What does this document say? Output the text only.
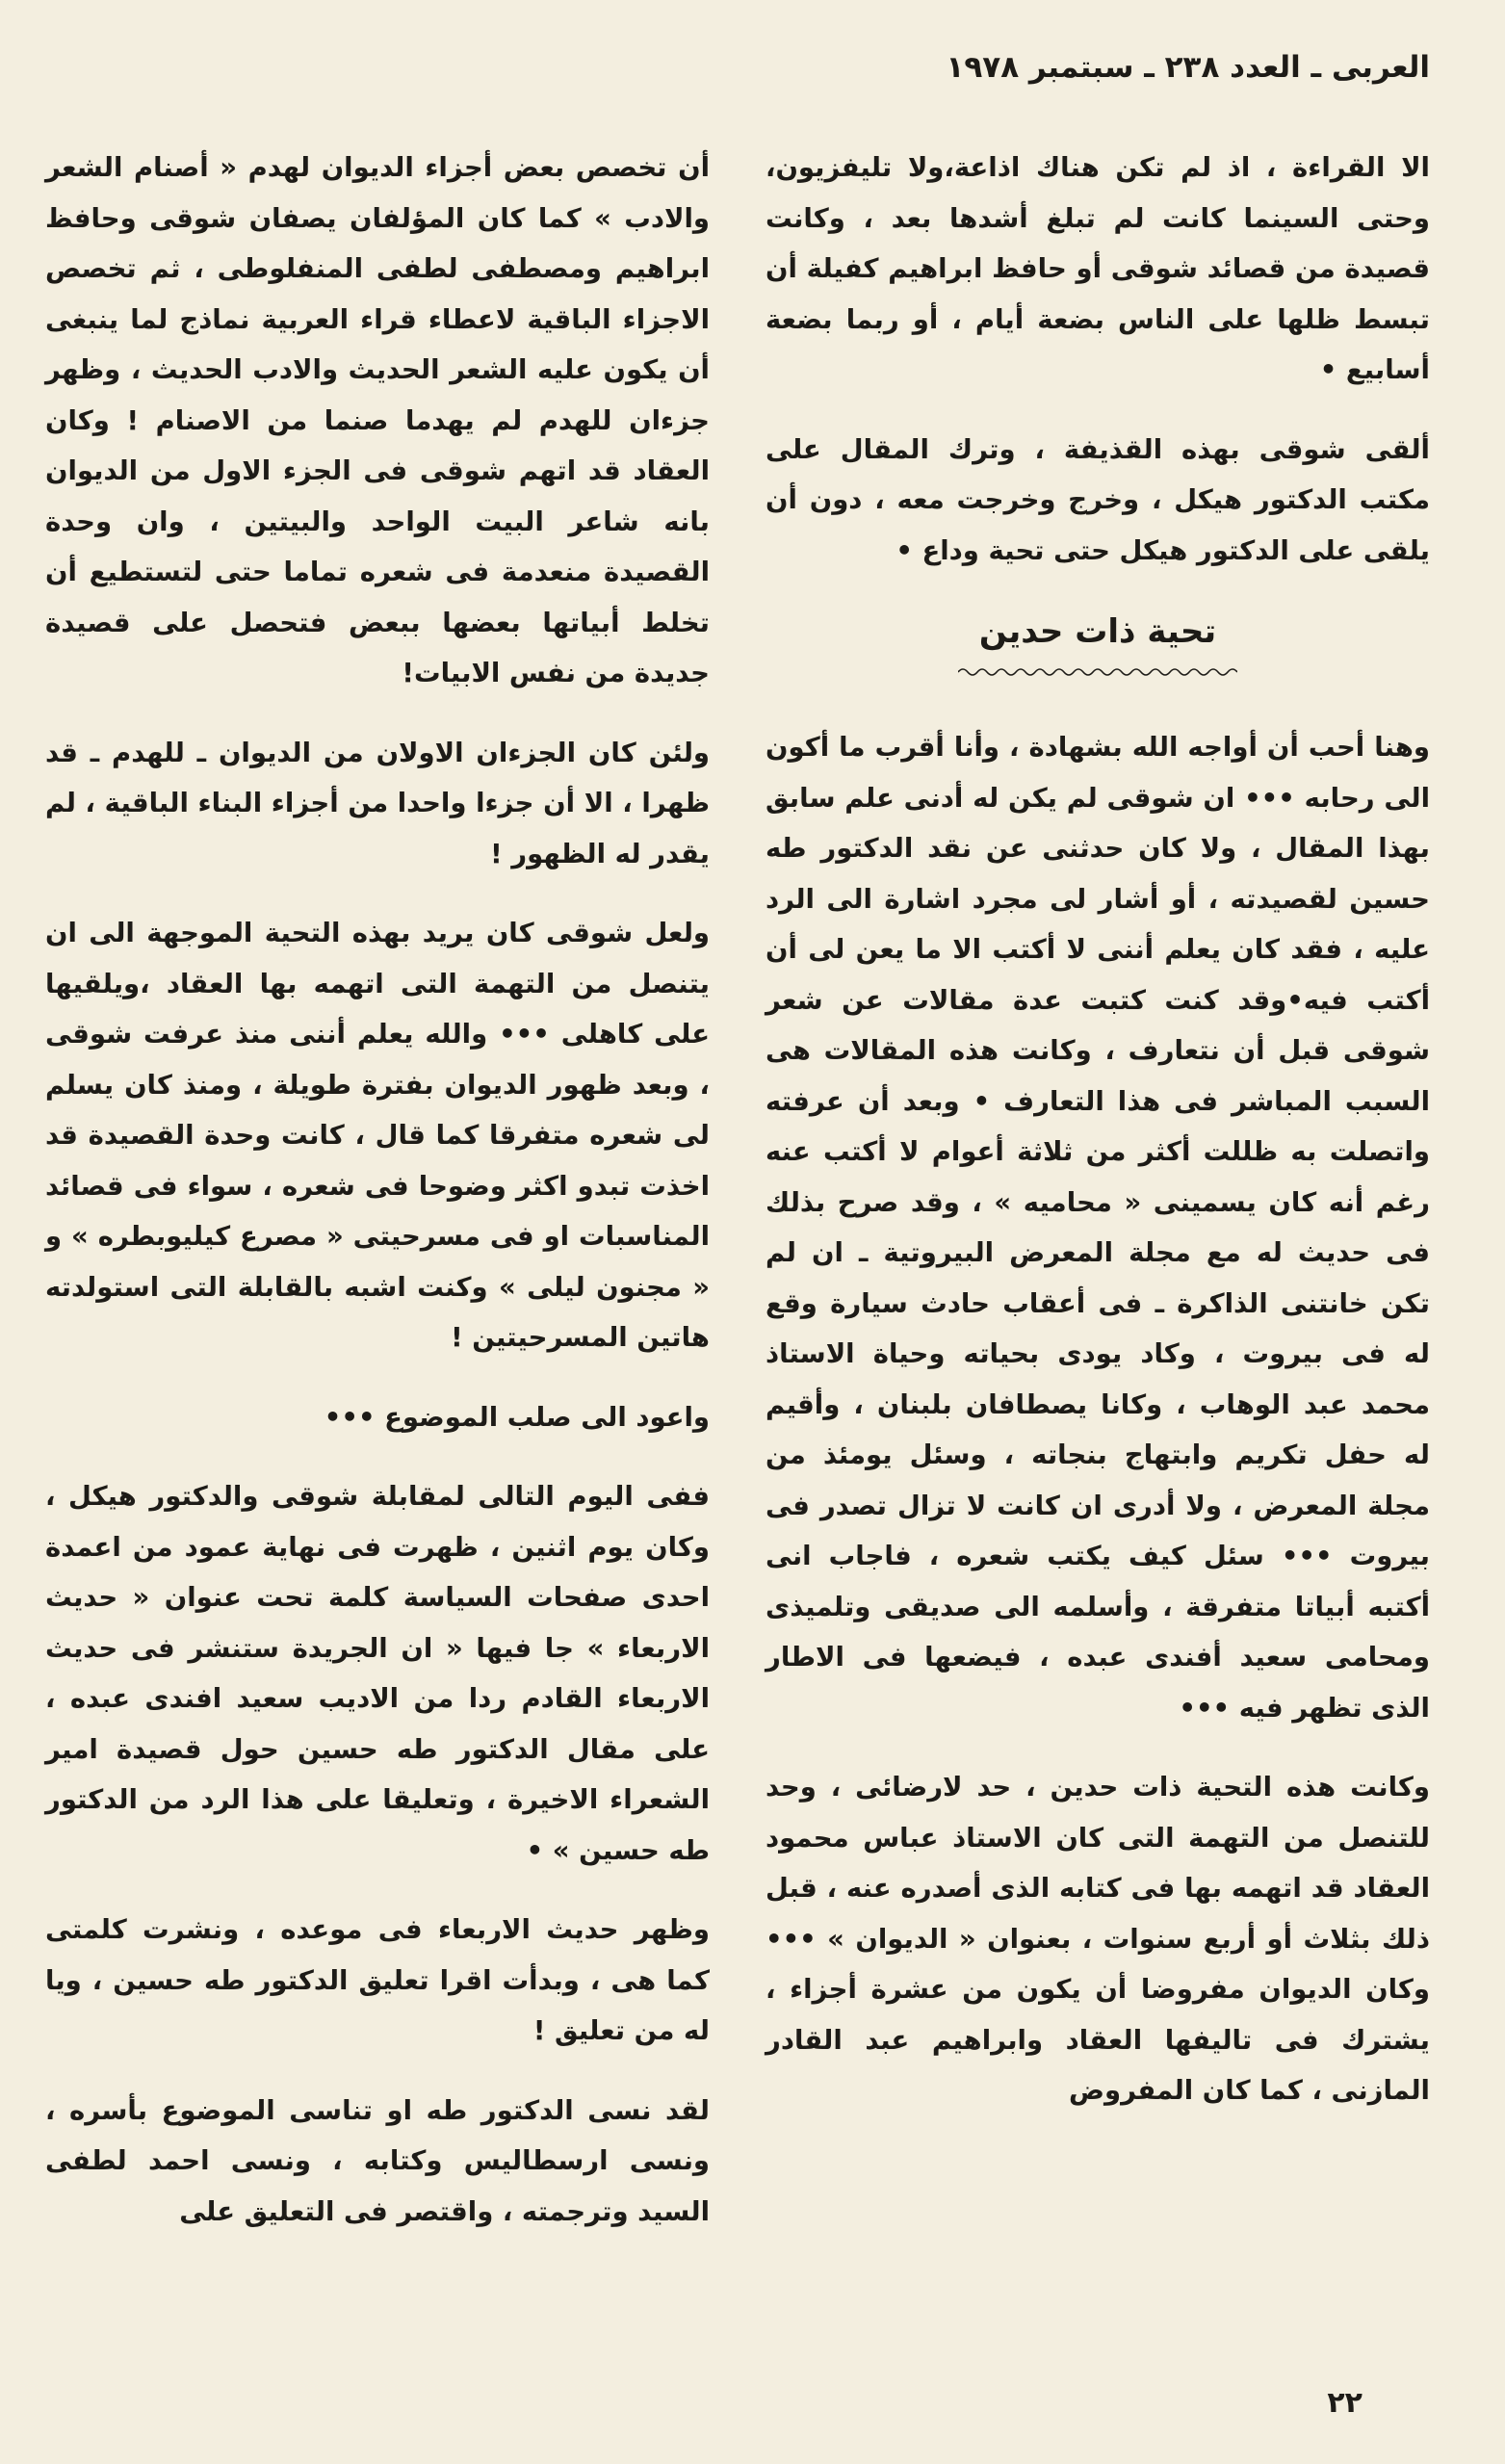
العربى ـ العدد ٢٣٨ ـ سبتمبر ١٩٧٨

الا القراءة ، اذ لم تكن هناك اذاعة،ولا تليفزيون، وحتى السينما كانت لم تبلغ أشدها بعد ، وكانت قصيدة من قصائد شوقى أو حافظ ابراهيم كفيلة أن تبسط ظلها على الناس بضعة أيام ، أو ربما بضعة أسابيع •

ألقى شوقى بهذه القذيفة ، وترك المقال على مكتب الدكتور هيكل ، وخرج وخرجت معه ، دون أن يلقى على الدكتور هيكل حتى تحية وداع •

تحية ذات حدين

وهنا أحب أن أواجه الله بشهادة ، وأنا أقرب ما أكون الى رحابه ••• ان شوقى لم يكن له أدنى علم سابق بهذا المقال ، ولا كان حدثنى عن نقد الدكتور طه حسين لقصيدته ، أو أشار لى مجرد اشارة الى الرد عليه ، فقد كان يعلم أننى لا أكتب الا ما يعن لى أن أكتب فيه•وقد كنت كتبت عدة مقالات عن شعر شوقى قبل أن نتعارف ، وكانت هذه المقالات هى السبب المباشر فى هذا التعارف • وبعد أن عرفته واتصلت به ظللت أكثر من ثلاثة أعوام لا أكتب عنه رغم أنه كان يسمينى « محاميه » ، وقد صرح بذلك فى حديث له مع مجلة المعرض البيروتية ـ ان لم تكن خانتنى الذاكرة ـ فى أعقاب حادث سيارة وقع له فى بيروت ، وكاد يودى بحياته وحياة الاستاذ محمد عبد الوهاب ، وكانا يصطافان بلبنان ، وأقيم له حفل تكريم وابتهاج بنجاته ، وسئل يومئذ من مجلة المعرض ، ولا أدرى ان كانت لا تزال تصدر فى بيروت ••• سئل كيف يكتب شعره ، فاجاب انى أكتبه أبياتا متفرقة ، وأسلمه الى صديقى وتلميذى ومحامى سعيد أفندى عبده ، فيضعها فى الاطار الذى تظهر فيه •••

وكانت هذه التحية ذات حدين ، حد لارضائى ، وحد للتنصل من التهمة التى كان الاستاذ عباس محمود العقاد قد اتهمه بها فى كتابه الذى أصدره عنه ، قبل ذلك بثلاث أو أربع سنوات ، بعنوان « الديوان » ••• وكان الديوان مفروضا أن يكون من عشرة أجزاء ، يشترك فى تاليفها العقاد وابراهيم عبد القادر المازنى ، كما كان المفروض

أن تخصص بعض أجزاء الديوان لهدم « أصنام الشعر والادب » كما كان المؤلفان يصفان شوقى وحافظ ابراهيم ومصطفى لطفى المنفلوطى ، ثم تخصص الاجزاء الباقية لاعطاء قراء العربية نماذج لما ينبغى أن يكون عليه الشعر الحديث والادب الحديث ، وظهر جزءان للهدم لم يهدما صنما من الاصنام ! وكان العقاد قد اتهم شوقى فى الجزء الاول من الديوان بانه شاعر البيت الواحد والبيتين ، وان وحدة القصيدة منعدمة فى شعره تماما حتى لتستطيع أن تخلط أبياتها بعضها ببعض فتحصل على قصيدة جديدة من نفس الابيات!

ولئن كان الجزءان الاولان من الديوان ـ للهدم ـ قد ظهرا ، الا أن جزءا واحدا من أجزاء البناء الباقية ، لم يقدر له الظهور !

ولعل شوقى كان يريد بهذه التحية الموجهة الى ان يتنصل من التهمة التى اتهمه بها العقاد ،ويلقيها على كاهلى ••• والله يعلم أننى منذ عرفت شوقى ، وبعد ظهور الديوان بفترة طويلة ، ومنذ كان يسلم لى شعره متفرقا كما قال ، كانت وحدة القصيدة قد اخذت تبدو اكثر وضوحا فى شعره ، سواء فى قصائد المناسبات او فى مسرحيتى « مصرع كيليوبطره » و « مجنون ليلى » وكنت اشبه بالقابلة التى استولدته هاتين المسرحيتين !

واعود الى صلب الموضوع •••

ففى اليوم التالى لمقابلة شوقى والدكتور هيكل ، وكان يوم اثنين ، ظهرت فى نهاية عمود من اعمدة احدى صفحات السياسة كلمة تحت عنوان « حديث الاربعاء » جا فيها « ان الجريدة ستنشر فى حديث الاربعاء القادم ردا من الاديب سعيد افندى عبده ، على مقال الدكتور طه حسين حول قصيدة امير الشعراء الاخيرة ، وتعليقا على هذا الرد من الدكتور طه حسين » •

وظهر حديث الاربعاء فى موعده ، ونشرت كلمتى كما هى ، وبدأت اقرا تعليق الدكتور طه حسين ، ويا له من تعليق !

لقد نسى الدكتور طه او تناسى الموضوع بأسره ، ونسى ارسطاليس وكتابه ، ونسى احمد لطفى السيد وترجمته ، واقتصر فى التعليق على

٢٢
